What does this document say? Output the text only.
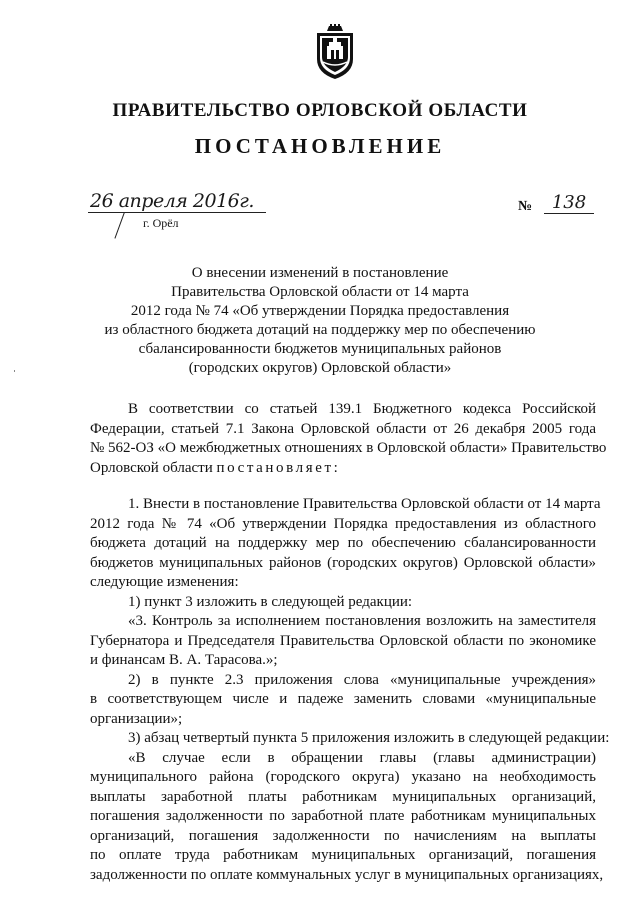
ПРАВИТЕЛЬСТВО ОРЛОВСКОЙ ОБЛАСТИ
ПОСТАНОВЛЕНИЕ
26 апреля 2016г.
г. Орёл
№	138
О внесении изменений в постановление
Правительства Орловской области от 14 марта
2012 года № 74 «Об утверждении Порядка предоставления
из областного бюджета дотаций на поддержку мер по обеспечению
сбалансированности бюджетов муниципальных районов
(городских округов) Орловской области»

В соответствии со статьей 139.1 Бюджетного кодекса Российской
Федерации, статьей 7.1 Закона Орловской области от 26 декабря 2005 года
№ 562-ОЗ «О межбюджетных отношениях в Орловской области» Правительство
Орловской области постановляет:

1. Внести в постановление Правительства Орловской области от 14 марта
2012 года № 74 «Об утверждении Порядка предоставления из областного
бюджета дотаций на поддержку мер по обеспечению сбалансированности
бюджетов муниципальных районов (городских округов) Орловской области»
следующие изменения:

1) пункт 3 изложить в следующей редакции:

«3. Контроль за исполнением постановления возложить на заместителя
Губернатора и Председателя Правительства Орловской области по экономике
и финансам В. А. Тарасова.»;

2) в пункте 2.3 приложения слова «муниципальные учреждения»
в соответствующем числе и падеже заменить словами «муниципальные
организации»;

3) абзац четвертый пункта 5 приложения изложить в следующей редакции:

«В случае если в обращении главы (главы администрации)
муниципального района (городского округа) указано на необходимость
выплаты заработной платы работникам муниципальных организаций,
погашения задолженности по заработной плате работникам муниципальных
организаций, погашения задолженности по начислениям на выплаты
по оплате труда работникам муниципальных организаций, погашения
задолженности по оплате коммунальных услуг в муниципальных организациях,
